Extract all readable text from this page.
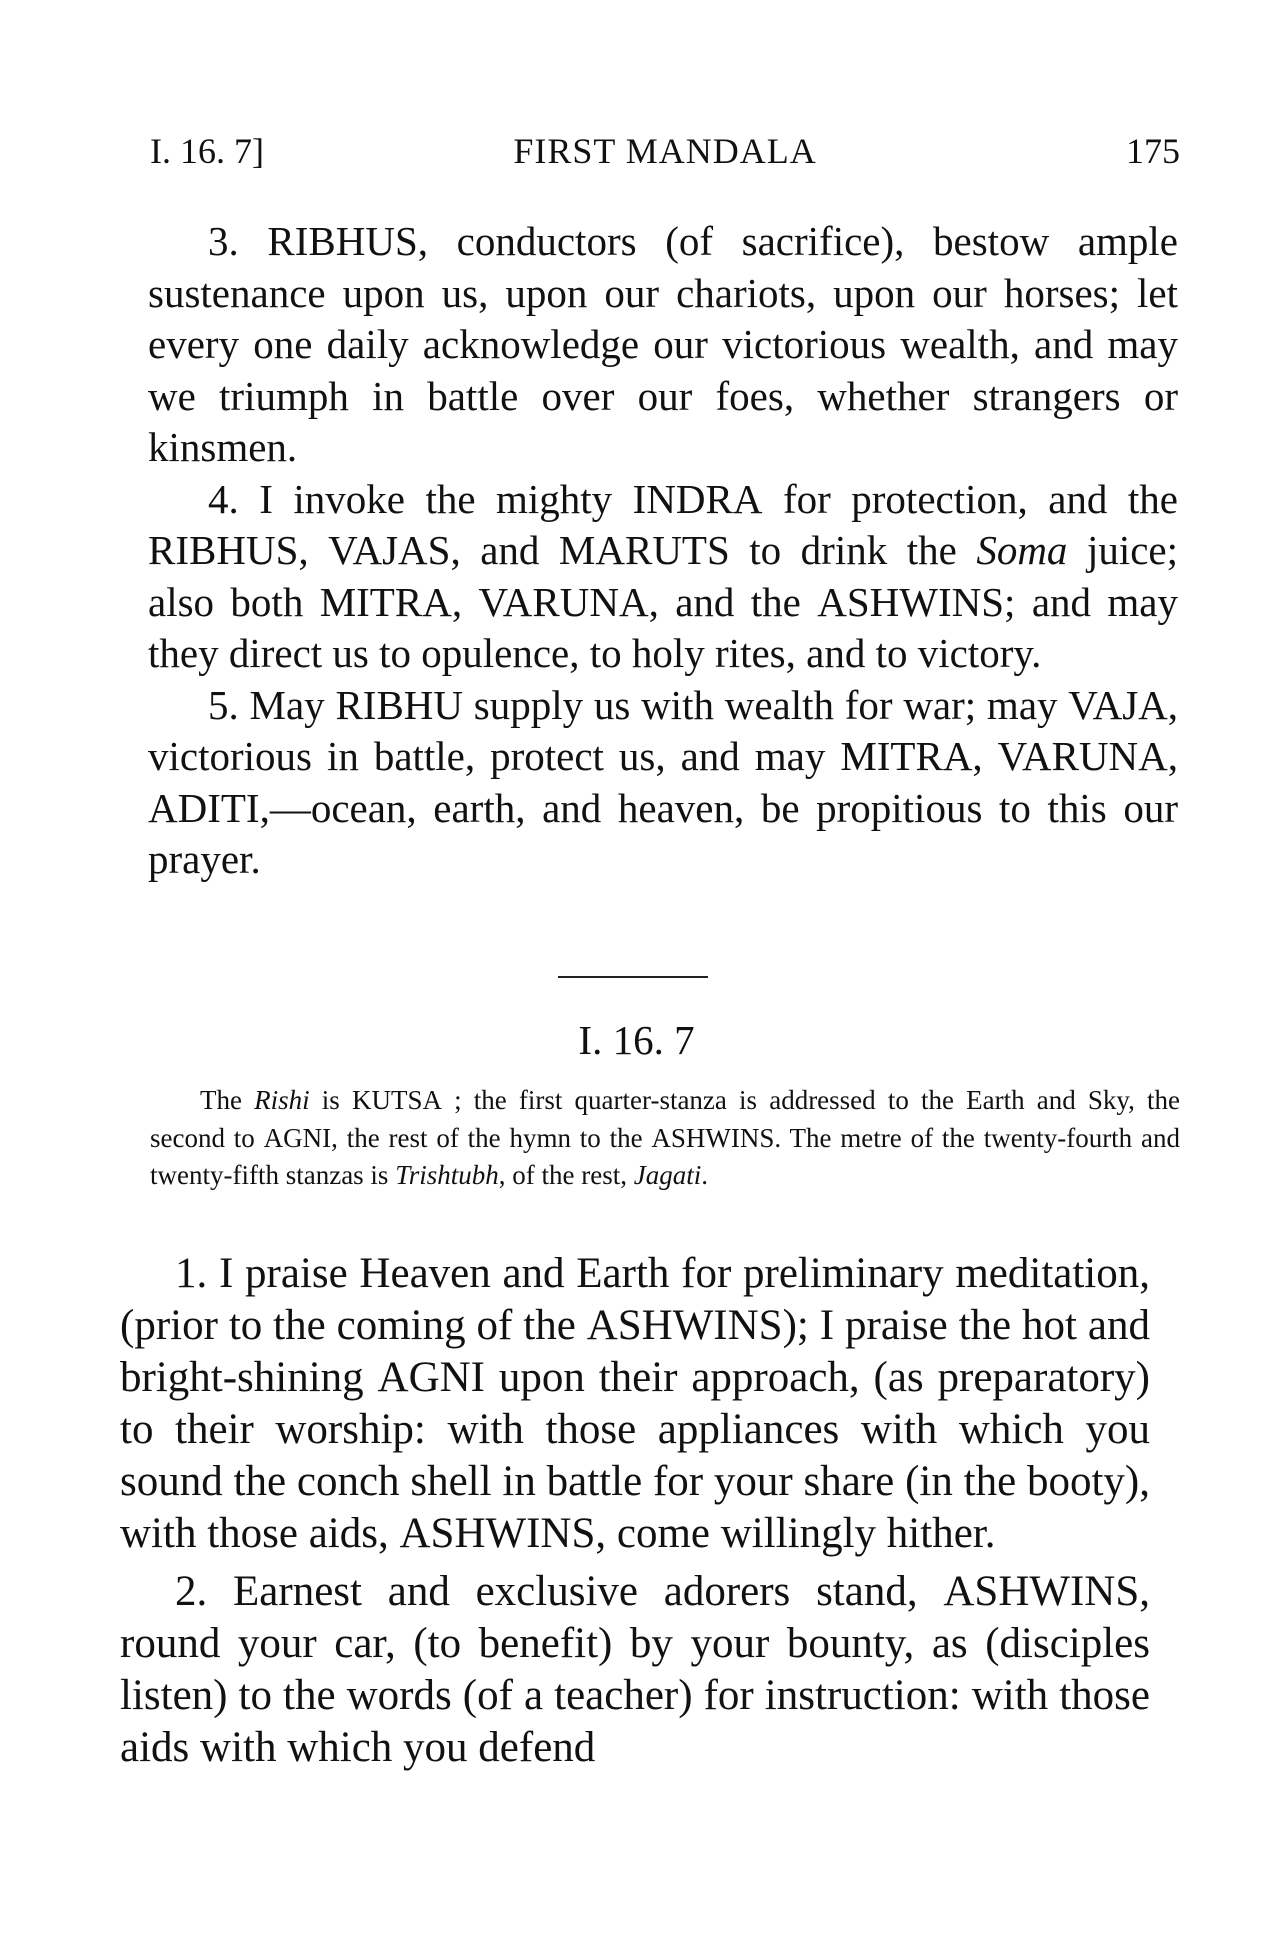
I. 16. 7]	FIRST MANDALA	175

3. RIBHUS, conductors (of sacrifice), bestow ample sustenance upon us, upon our chariots, upon our horses; let every one daily acknowledge our victorious wealth, and may we triumph in battle over our foes, whether strangers or kinsmen.

4. I invoke the mighty INDRA for protection, and the RIBHUS, VAJAS, and MARUTS to drink the Soma juice; also both MITRA, VARUNA, and the ASHWINS; and may they direct us to opulence, to holy rites, and to victory.

5. May RIBHU supply us with wealth for war; may VAJA, victorious in battle, protect us, and may MITRA, VARUNA, ADITI,—ocean, earth, and heaven, be propitious to this our prayer.

I. 16. 7
The Rishi is KUTSA ; the first quarter-stanza is addressed to the Earth and Sky, the second to AGNI, the rest of the hymn to the ASHWINS. The metre of the twenty-fourth and twenty-fifth stanzas is Trishtubh, of the rest, Jagati.

1. I praise Heaven and Earth for preliminary meditation, (prior to the coming of the ASHWINS); I praise the hot and bright-shining AGNI upon their approach, (as preparatory) to their worship: with those appliances with which you sound the conch shell in battle for your share (in the booty), with those aids, ASHWINS, come willingly hither.

2. Earnest and exclusive adorers stand, ASHWINS, round your car, (to benefit) by your bounty, as (disciples listen) to the words (of a teacher) for instruction: with those aids with which you defend
